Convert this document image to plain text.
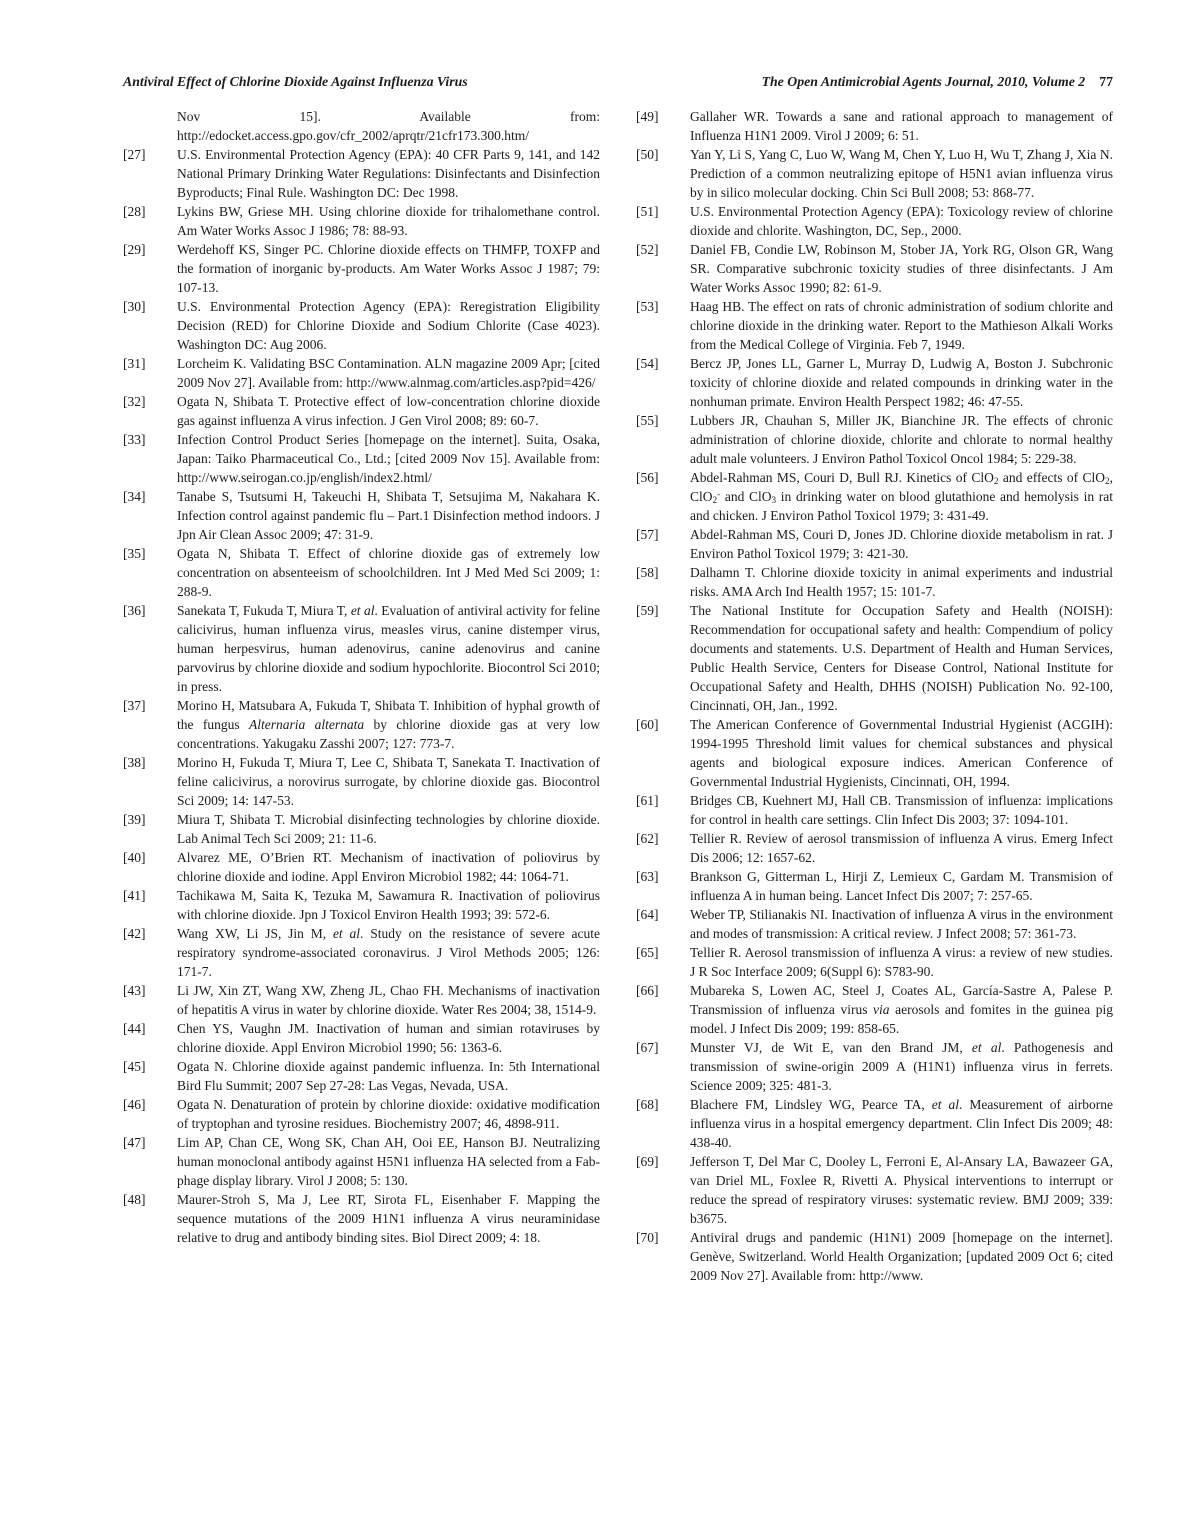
Antiviral Effect of Chlorine Dioxide Against Influenza Virus	The Open Antimicrobial Agents Journal, 2010, Volume 2 77
Nov 15]. Available from: http://edocket.access.gpo.gov/cfr_2002/aprqtr/21cfr173.300.htm/
[27] U.S. Environmental Protection Agency (EPA): 40 CFR Parts 9, 141, and 142 National Primary Drinking Water Regulations: Disinfectants and Disinfection Byproducts; Final Rule. Washington DC: Dec 1998.
[28] Lykins BW, Griese MH. Using chlorine dioxide for trihalomethane control. Am Water Works Assoc J 1986; 78: 88-93.
[29] Werdehoff KS, Singer PC. Chlorine dioxide effects on THMFP, TOXFP and the formation of inorganic by-products. Am Water Works Assoc J 1987; 79: 107-13.
[30] U.S. Environmental Protection Agency (EPA): Reregistration Eligibility Decision (RED) for Chlorine Dioxide and Sodium Chlorite (Case 4023). Washington DC: Aug 2006.
[31] Lorcheim K. Validating BSC Contamination. ALN magazine 2009 Apr; [cited 2009 Nov 27]. Available from: http://www.alnmag.com/articles.asp?pid=426/
[32] Ogata N, Shibata T. Protective effect of low-concentration chlorine dioxide gas against influenza A virus infection. J Gen Virol 2008; 89: 60-7.
[33] Infection Control Product Series [homepage on the internet]. Suita, Osaka, Japan: Taiko Pharmaceutical Co., Ltd.; [cited 2009 Nov 15]. Available from: http://www.seirogan.co.jp/english/index2.html/
[34] Tanabe S, Tsutsumi H, Takeuchi H, Shibata T, Setsujima M, Nakahara K. Infection control against pandemic flu – Part.1 Disinfection method indoors. J Jpn Air Clean Assoc 2009; 47: 31-9.
[35] Ogata N, Shibata T. Effect of chlorine dioxide gas of extremely low concentration on absenteeism of schoolchildren. Int J Med Med Sci 2009; 1: 288-9.
[36] Sanekata T, Fukuda T, Miura T, et al. Evaluation of antiviral activity for feline calicivirus, human influenza virus, measles virus, canine distemper virus, human herpesvirus, human adenovirus, canine adenovirus and canine parvovirus by chlorine dioxide and sodium hypochlorite. Biocontrol Sci 2010; in press.
[37] Morino H, Matsubara A, Fukuda T, Shibata T. Inhibition of hyphal growth of the fungus Alternaria alternata by chlorine dioxide gas at very low concentrations. Yakugaku Zasshi 2007; 127: 773-7.
[38] Morino H, Fukuda T, Miura T, Lee C, Shibata T, Sanekata T. Inactivation of feline calicivirus, a norovirus surrogate, by chlorine dioxide gas. Biocontrol Sci 2009; 14: 147-53.
[39] Miura T, Shibata T. Microbial disinfecting technologies by chlorine dioxide. Lab Animal Tech Sci 2009; 21: 11-6.
[40] Alvarez ME, O’Brien RT. Mechanism of inactivation of poliovirus by chlorine dioxide and iodine. Appl Environ Microbiol 1982; 44: 1064-71.
[41] Tachikawa M, Saita K, Tezuka M, Sawamura R. Inactivation of poliovirus with chlorine dioxide. Jpn J Toxicol Environ Health 1993; 39: 572-6.
[42] Wang XW, Li JS, Jin M, et al. Study on the resistance of severe acute respiratory syndrome-associated coronavirus. J Virol Methods 2005; 126: 171-7.
[43] Li JW, Xin ZT, Wang XW, Zheng JL, Chao FH. Mechanisms of inactivation of hepatitis A virus in water by chlorine dioxide. Water Res 2004; 38, 1514-9.
[44] Chen YS, Vaughn JM. Inactivation of human and simian rotaviruses by chlorine dioxide. Appl Environ Microbiol 1990; 56: 1363-6.
[45] Ogata N. Chlorine dioxide against pandemic influenza. In: 5th International Bird Flu Summit; 2007 Sep 27-28: Las Vegas, Nevada, USA.
[46] Ogata N. Denaturation of protein by chlorine dioxide: oxidative modification of tryptophan and tyrosine residues. Biochemistry 2007; 46, 4898-911.
[47] Lim AP, Chan CE, Wong SK, Chan AH, Ooi EE, Hanson BJ. Neutralizing human monoclonal antibody against H5N1 influenza HA selected from a Fab-phage display library. Virol J 2008; 5: 130.
[48] Maurer-Stroh S, Ma J, Lee RT, Sirota FL, Eisenhaber F. Mapping the sequence mutations of the 2009 H1N1 influenza A virus neuraminidase relative to drug and antibody binding sites. Biol Direct 2009; 4: 18.
[49] Gallaher WR. Towards a sane and rational approach to management of Influenza H1N1 2009. Virol J 2009; 6: 51.
[50] Yan Y, Li S, Yang C, Luo W, Wang M, Chen Y, Luo H, Wu T, Zhang J, Xia N. Prediction of a common neutralizing epitope of H5N1 avian influenza virus by in silico molecular docking. Chin Sci Bull 2008; 53: 868-77.
[51] U.S. Environmental Protection Agency (EPA): Toxicology review of chlorine dioxide and chlorite. Washington, DC, Sep., 2000.
[52] Daniel FB, Condie LW, Robinson M, Stober JA, York RG, Olson GR, Wang SR. Comparative subchronic toxicity studies of three disinfectants. J Am Water Works Assoc 1990; 82: 61-9.
[53] Haag HB. The effect on rats of chronic administration of sodium chlorite and chlorine dioxide in the drinking water. Report to the Mathieson Alkali Works from the Medical College of Virginia. Feb 7, 1949.
[54] Bercz JP, Jones LL, Garner L, Murray D, Ludwig A, Boston J. Subchronic toxicity of chlorine dioxide and related compounds in drinking water in the nonhuman primate. Environ Health Perspect 1982; 46: 47-55.
[55] Lubbers JR, Chauhan S, Miller JK, Bianchine JR. The effects of chronic administration of chlorine dioxide, chlorite and chlorate to normal healthy adult male volunteers. J Environ Pathol Toxicol Oncol 1984; 5: 229-38.
[56] Abdel-Rahman MS, Couri D, Bull RJ. Kinetics of ClO$_2$ and effects of ClO$_2$, ClO$_2$- and ClO$_3$ in drinking water on blood glutathione and hemolysis in rat and chicken. J Environ Pathol Toxicol 1979; 3: 431-49.
[57] Abdel-Rahman MS, Couri D, Jones JD. Chlorine dioxide metabolism in rat. J Environ Pathol Toxicol 1979; 3: 421-30.
[58] Dalhamn T. Chlorine dioxide toxicity in animal experiments and industrial risks. AMA Arch Ind Health 1957; 15: 101-7.
[59] The National Institute for Occupation Safety and Health (NOISH): Recommendation for occupational safety and health: Compendium of policy documents and statements. U.S. Department of Health and Human Services, Public Health Service, Centers for Disease Control, National Institute for Occupational Safety and Health, DHHS (NOISH) Publication No. 92-100, Cincinnati, OH, Jan., 1992.
[60] The American Conference of Governmental Industrial Hygienist (ACGIH): 1994-1995 Threshold limit values for chemical substances and physical agents and biological exposure indices. American Conference of Governmental Industrial Hygienists, Cincinnati, OH, 1994.
[61] Bridges CB, Kuehnert MJ, Hall CB. Transmission of influenza: implications for control in health care settings. Clin Infect Dis 2003; 37: 1094-101.
[62] Tellier R. Review of aerosol transmission of influenza A virus. Emerg Infect Dis 2006; 12: 1657-62.
[63] Brankson G, Gitterman L, Hirji Z, Lemieux C, Gardam M. Transmision of influenza A in human being. Lancet Infect Dis 2007; 7: 257-65.
[64] Weber TP, Stilianakis NI. Inactivation of influenza A virus in the environment and modes of transmission: A critical review. J Infect 2008; 57: 361-73.
[65] Tellier R. Aerosol transmission of influenza A virus: a review of new studies. J R Soc Interface 2009; 6(Suppl 6): S783-90.
[66] Mubareka S, Lowen AC, Steel J, Coates AL, García-Sastre A, Palese P. Transmission of influenza virus via aerosols and fomites in the guinea pig model. J Infect Dis 2009; 199: 858-65.
[67] Munster VJ, de Wit E, van den Brand JM, et al. Pathogenesis and transmission of swine-origin 2009 A (H1N1) influenza virus in ferrets. Science 2009; 325: 481-3.
[68] Blachere FM, Lindsley WG, Pearce TA, et al. Measurement of airborne influenza virus in a hospital emergency department. Clin Infect Dis 2009; 48: 438-40.
[69] Jefferson T, Del Mar C, Dooley L, Ferroni E, Al-Ansary LA, Bawazeer GA, van Driel ML, Foxlee R, Rivetti A. Physical interventions to interrupt or reduce the spread of respiratory viruses: systematic review. BMJ 2009; 339: b3675.
[70] Antiviral drugs and pandemic (H1N1) 2009 [homepage on the internet]. Genève, Switzerland. World Health Organization; [updated 2009 Oct 6; cited 2009 Nov 27]. Available from: http://www.
